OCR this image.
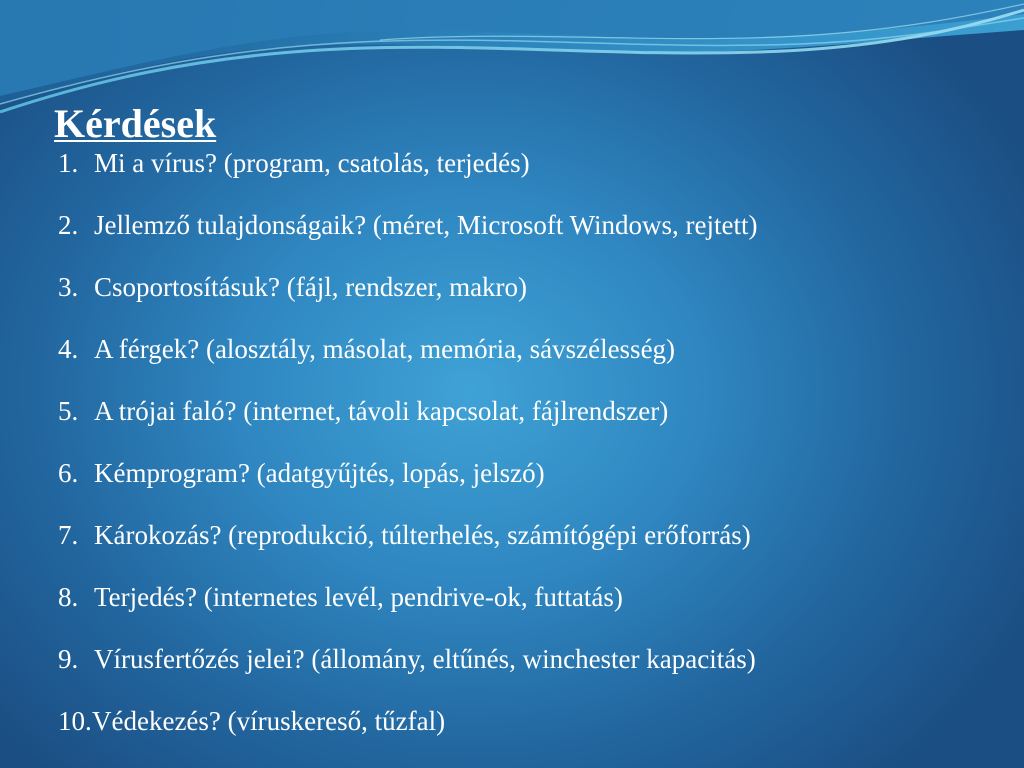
Kérdések
1. Mi a vírus? (program, csatolás, terjedés)
2. Jellemző tulajdonságaik? (méret, Microsoft Windows, rejtett)
3. Csoportosításuk? (fájl, rendszer, makro)
4. A férgek? (alosztály, másolat, memória, sávszélesség)
5. A trójai faló? (internet, távoli kapcsolat, fájlrendszer)
6. Kémprogram? (adatgyűjtés, lopás, jelszó)
7. Károkozás? (reprodukció, túlterhelés, számítógépi erőforrás)
8. Terjedés? (internetes levél, pendrive-ok, futtatás)
9. Vírusfertőzés jelei? (állomány, eltűnés, winchester kapacitás)
10. Védekezés? (víruskereső, tűzfal)
